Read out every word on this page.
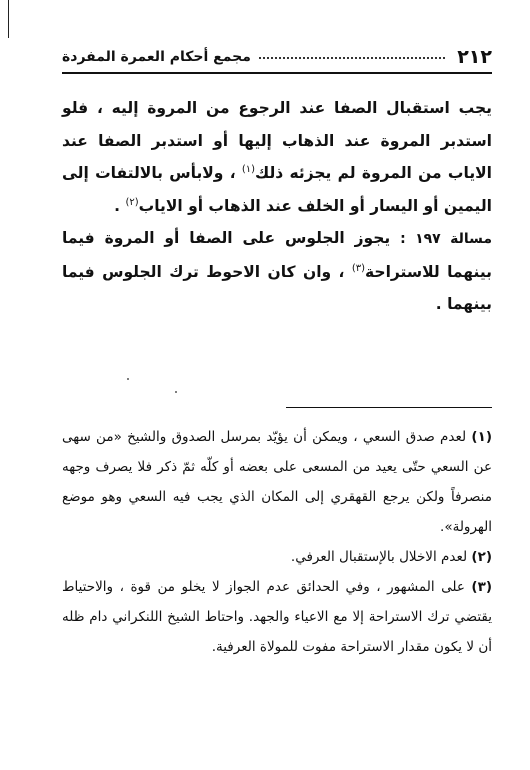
٢١٢
مجمع أحكام العمرة المفردة

يجب استقبال الصفا عند الرجوع من المروة إليه ، فلو استدبر المروة عند الذهاب إليها أو استدبر الصفا عند الاياب من المروة لم يجزئه ذلك$^{(١)}$ ، ولابأس بالالتفات إلى اليمين أو اليسار أو الخلف عند الذهاب أو الاياب$^{(٢)}$ .

مسالة ١٩٧ : يجوز الجلوس على الصفا أو المروة فيما بينهما للاستراحة$^{(٣)}$ ، وان كان الاحوط ترك الجلوس فيما بينهما .

(١) لعدم صدق السعي ، ويمكن أن يؤيّد بمرسل الصدوق والشيخ «من سهى عن السعي حتّى يعيد من المسعى على بعضه أو كلّه ثمّ ذكر فلا يصرف وجهه منصرفاً ولكن يرجع القهقري إلى المكان الذي يجب فيه السعي وهو موضع الهرولة».

(٢) لعدم الاخلال بالإستقبال العرفي.

(٣) على المشهور ، وفي الحدائق عدم الجواز لا يخلو من قوة ، والاحتياط يقتضي ترك الاستراحة إلا مع الاعياء والجهد. واحتاط الشيخ اللنكراني دام ظله أن لا يكون مقدار الاستراحة مفوت للمولاة العرفية.
